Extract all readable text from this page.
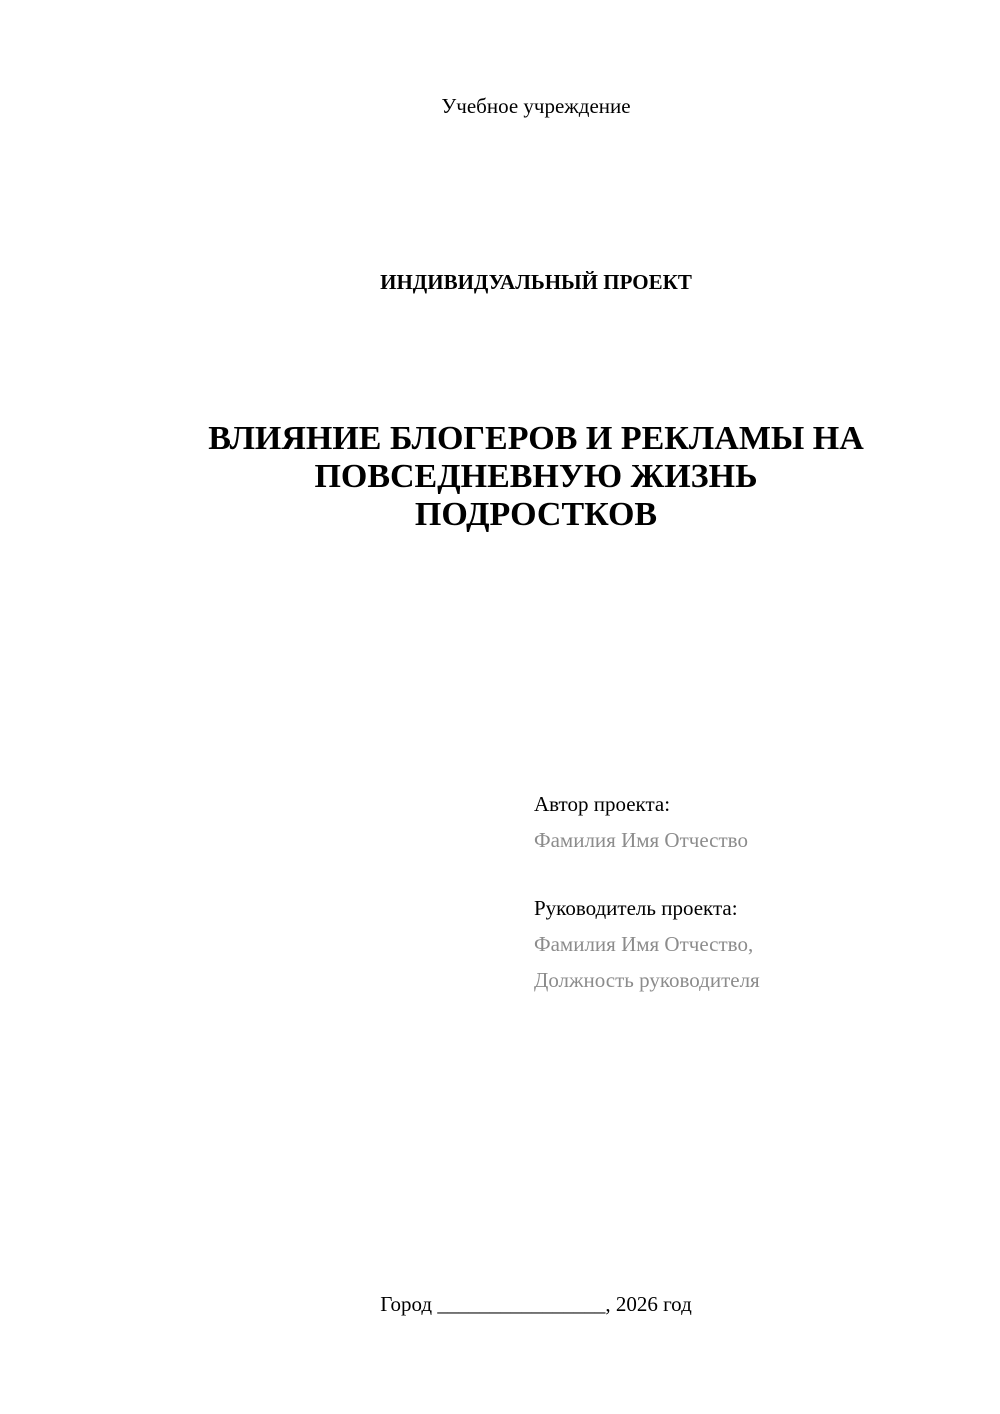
Учебное учреждение
ИНДИВИДУАЛЬНЫЙ ПРОЕКТ
ВЛИЯНИЕ БЛОГЕРОВ И РЕКЛАМЫ НА
ПОВСЕДНЕВНУЮ ЖИЗНЬ
ПОДРОСТКОВ
Автор проекта:
Фамилия Имя Отчество
Руководитель проекта:
Фамилия Имя Отчество,
Должность руководителя
Город ________________, 2026 год
